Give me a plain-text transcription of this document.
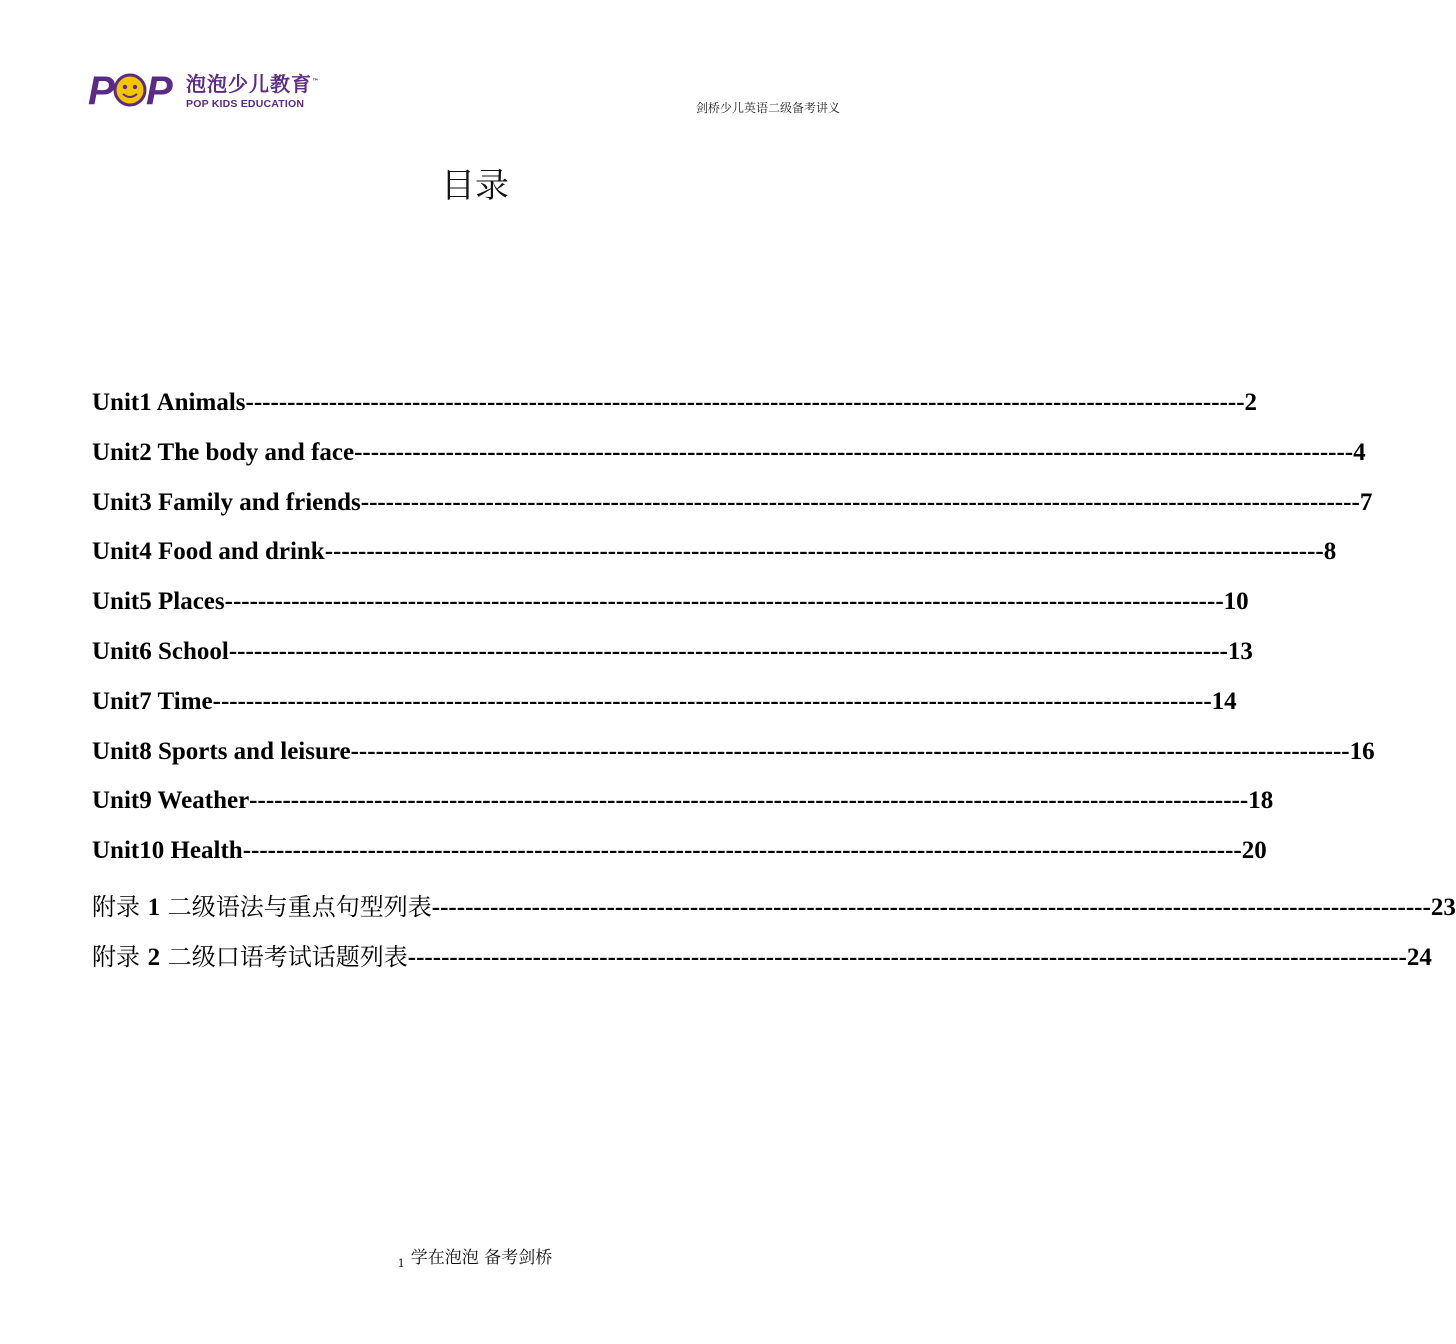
P P 泡泡少儿教育™
POP KIDS EDUCATION	剑桥少儿英语二级备考讲义
目录
Unit1 Animals ------------------------------------------------------------------------------------------------------------------------ 2
Unit2 The body and face ------------------------------------------------------------------------------------------------------------------------ 4
Unit3 Family and friends ------------------------------------------------------------------------------------------------------------------------ 7
Unit4 Food and drink ------------------------------------------------------------------------------------------------------------------------ 8
Unit5 Places ------------------------------------------------------------------------------------------------------------------------ 10
Unit6 School ------------------------------------------------------------------------------------------------------------------------ 13
Unit7 Time ------------------------------------------------------------------------------------------------------------------------ 14
Unit8 Sports and leisure ------------------------------------------------------------------------------------------------------------------------ 16
Unit9 Weather ------------------------------------------------------------------------------------------------------------------------ 18
Unit10 Health ------------------------------------------------------------------------------------------------------------------------ 20
附录 1 二级语法与重点句型列表 ------------------------------------------------------------------------------------------------------------------------ 23
附录 2 二级口语考试话题列表 ------------------------------------------------------------------------------------------------------------------------ 24
$_1$ 学在泡泡 备考剑桥
